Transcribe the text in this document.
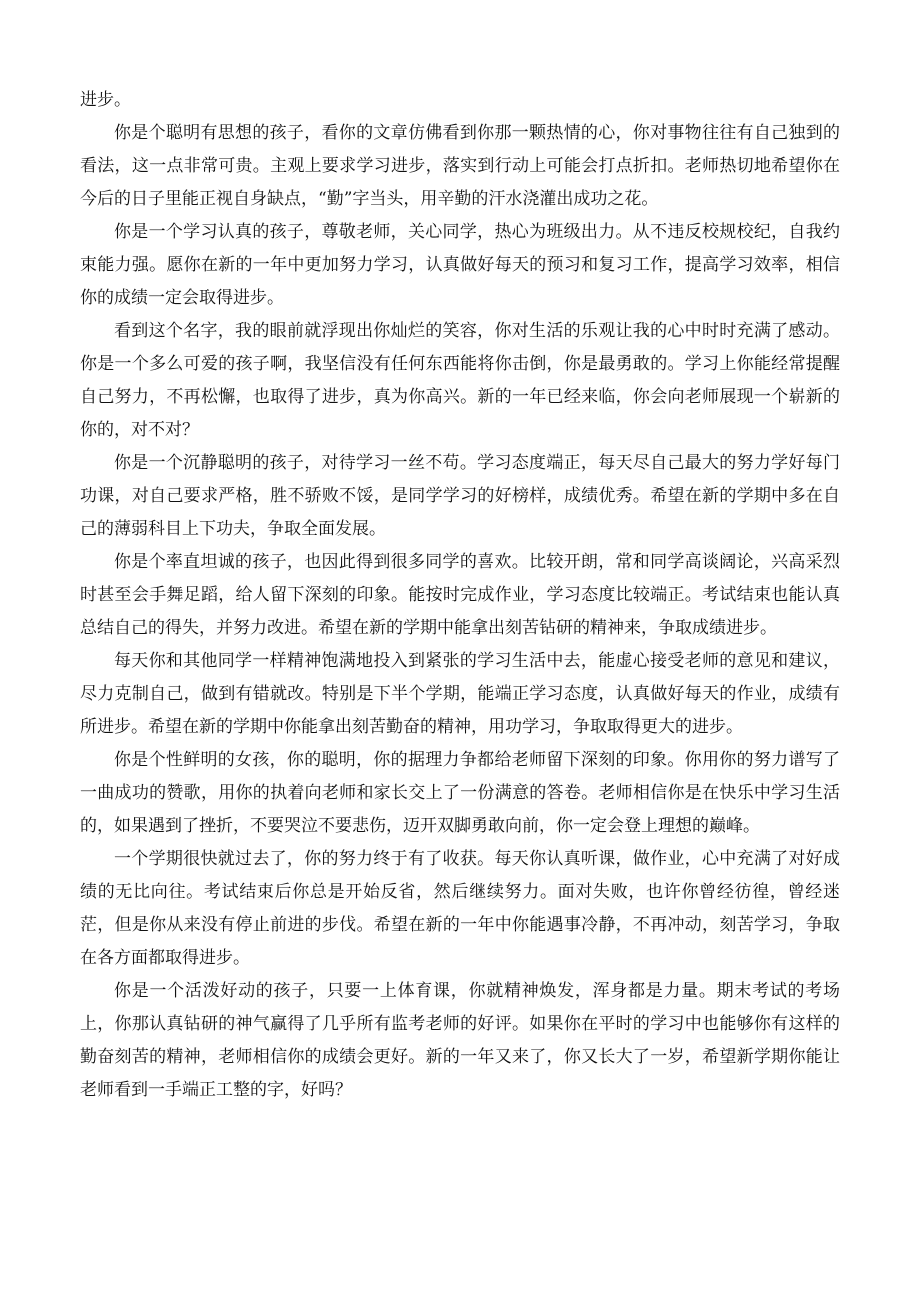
进步。

你是个聪明有思想的孩子，看你的文章仿佛看到你那一颗热情的心，你对事物往往有自己独到的看法，这一点非常可贵。主观上要求学习进步，落实到行动上可能会打点折扣。老师热切地希望你在今后的日子里能正视自身缺点，“勤”字当头，用辛勤的汗水浇灌出成功之花。

你是一个学习认真的孩子，尊敬老师，关心同学，热心为班级出力。从不违反校规校纪，自我约束能力强。愿你在新的一年中更加努力学习，认真做好每天的预习和复习工作，提高学习效率，相信你的成绩一定会取得进步。

看到这个名字，我的眼前就浮现出你灿烂的笑容，你对生活的乐观让我的心中时时充满了感动。你是一个多么可爱的孩子啊，我坚信没有任何东西能将你击倒，你是最勇敢的。学习上你能经常提醒自己努力，不再松懈，也取得了进步，真为你高兴。新的一年已经来临，你会向老师展现一个崭新的你的，对不对？

你是一个沉静聪明的孩子，对待学习一丝不苟。学习态度端正，每天尽自己最大的努力学好每门功课，对自己要求严格，胜不骄败不馁，是同学学习的好榜样，成绩优秀。希望在新的学期中多在自己的薄弱科目上下功夫，争取全面发展。

你是个率直坦诚的孩子，也因此得到很多同学的喜欢。比较开朗，常和同学高谈阔论，兴高采烈时甚至会手舞足蹈，给人留下深刻的印象。能按时完成作业，学习态度比较端正。考试结束也能认真总结自己的得失，并努力改进。希望在新的学期中能拿出刻苦钻研的精神来，争取成绩进步。

每天你和其他同学一样精神饱满地投入到紧张的学习生活中去，能虚心接受老师的意见和建议，尽力克制自己，做到有错就改。特别是下半个学期，能端正学习态度，认真做好每天的作业，成绩有所进步。希望在新的学期中你能拿出刻苦勤奋的精神，用功学习，争取取得更大的进步。

你是个性鲜明的女孩，你的聪明，你的据理力争都给老师留下深刻的印象。你用你的努力谱写了一曲成功的赞歌，用你的执着向老师和家长交上了一份满意的答卷。老师相信你是在快乐中学习生活的，如果遇到了挫折，不要哭泣不要悲伤，迈开双脚勇敢向前，你一定会登上理想的巅峰。

一个学期很快就过去了，你的努力终于有了收获。每天你认真听课，做作业，心中充满了对好成绩的无比向往。考试结束后你总是开始反省，然后继续努力。面对失败，也许你曾经彷徨，曾经迷茫，但是你从来没有停止前进的步伐。希望在新的一年中你能遇事冷静，不再冲动，刻苦学习，争取在各方面都取得进步。

你是一个活泼好动的孩子，只要一上体育课，你就精神焕发，浑身都是力量。期末考试的考场上，你那认真钻研的神气赢得了几乎所有监考老师的好评。如果你在平时的学习中也能够你有这样的勤奋刻苦的精神，老师相信你的成绩会更好。新的一年又来了，你又长大了一岁，希望新学期你能让老师看到一手端正工整的字，好吗？
